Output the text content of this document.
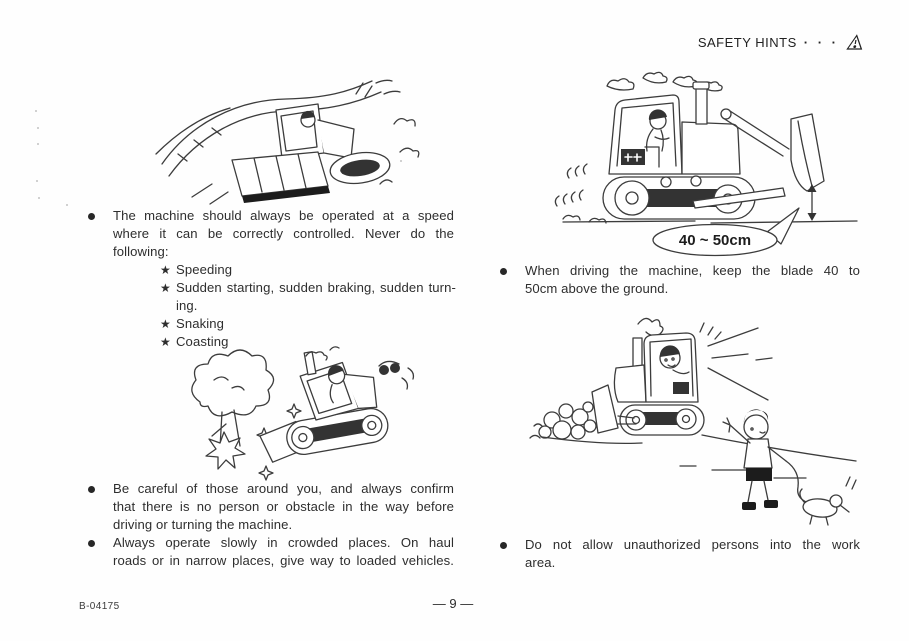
SAFETY HINTS · · ·
40 ~ 50cm
The machine should always be operated at a speed
where it can be correctly controlled. Never do the
following:
★ Speeding
★ Sudden starting, sudden braking, sudden turn-
ing.
★ Snaking
★ Coasting
Be careful of those around you, and always confirm
that there is no person or obstacle in the way before
driving or turning the machine.
Always operate slowly in crowded places. On haul
roads or in narrow places, give way to loaded vehicles.
When driving the machine, keep the blade 40 to
50cm above the ground.
Do not allow unauthorized persons into the work
area.
B-04175	— 9 —
